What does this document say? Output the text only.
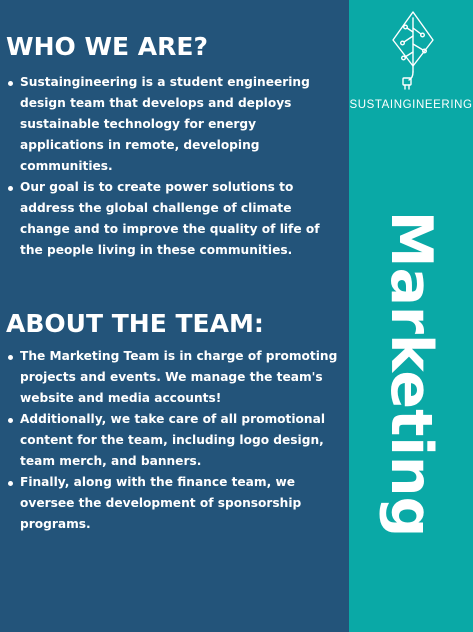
WHO WE ARE?
Sustaingineering is a student engineering design team that develops and deploys sustainable technology for energy applications in remote, developing communities.
Our goal is to create power solutions to address the global challenge of climate change and to improve the quality of life of the people living in these communities.
ABOUT THE TEAM:
The Marketing Team is in charge of promoting projects and events. We manage the team's website and media accounts!
Additionally, we take care of all promotional content for the team, including logo design, team merch, and banners.
Finally, along with the finance team, we oversee the development of sponsorship programs.
SUSTAINGINEERING
Marketing
